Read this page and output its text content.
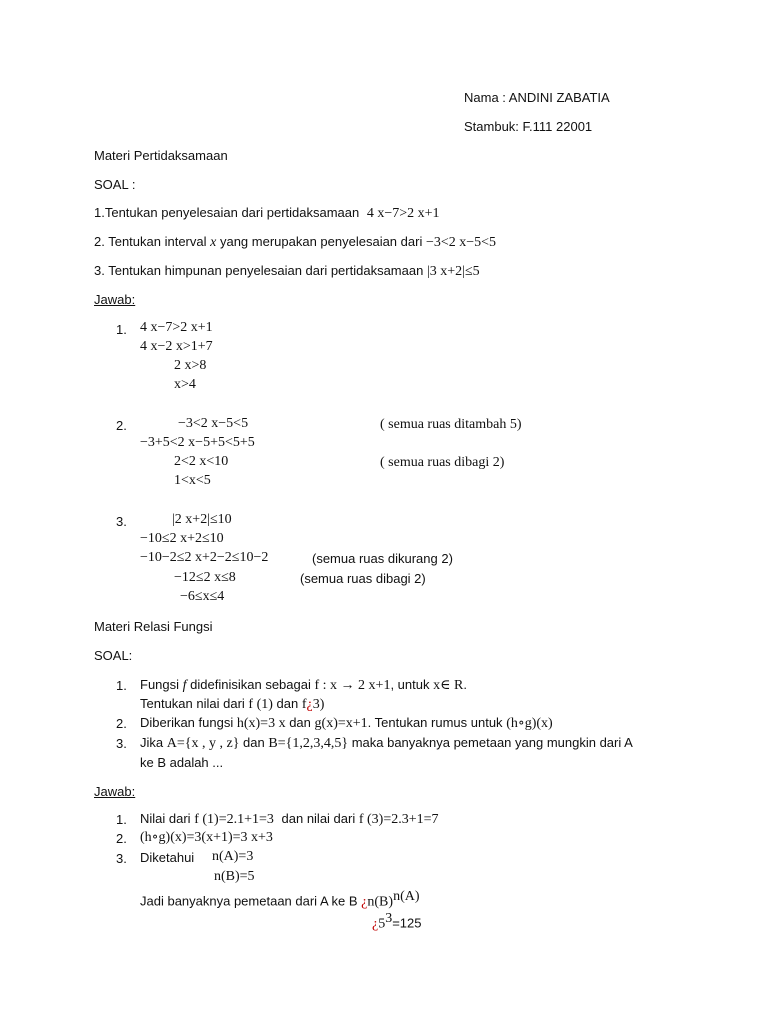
Nama : ANDINI ZABATIA
Stambuk: F.111 22001
Materi Pertidaksamaan
SOAL :
1.Tentukan penyelesaian dari pertidaksamaan 4 x−7>2 x+1
2. Tentukan interval x yang merupakan penyelesaian dari −3<2 x−5<5
3. Tentukan himpunan penyelesaian dari pertidaksamaan |3 x+2|≤5
Jawab:
1. 4 x−7>2 x+1
4 x−2 x>1+7
2 x>8
x>4
2.	−3<2 x−5<5
−3+5<2 x−5+5<5+5
2<2 x<10
1<x<5
( semua ruas ditambah 5)
( semua ruas dibagi 2)
3.	|2 x+2|≤10
−10≤2 x+2≤10
−10−2≤2 x+2−2≤10−2
−12≤2 x≤8
−6≤x≤4
(semua ruas dikurang 2)
(semua ruas dibagi 2)
Materi Relasi Fungsi
SOAL:
1. Fungsi f didefinisikan sebagai f : x → 2 x+1, untuk x∈ R.
Tentukan nilai dari f (1) dan f¿3)
2. Diberikan fungsi h(x)=3 x dan g(x)=x+1. Tentukan rumus untuk (h∘g)(x)
3. Jika A={x , y , z} dan B={1,2,3,4,5} maka banyaknya pemetaan yang mungkin dari A
ke B adalah ...
Jawab:
1. Nilai dari f (1)=2.1+1=3 dan nilai dari f (3)=2.3+1=7
2. (h∘g)(x)=3(x+1)=3 x+3
3. Diketahui n(A)=3
n(B)=5
Jadi banyaknya pemetaan dari A ke B ¿$n(B)^{n(A)}$
¿$5^3=125$
